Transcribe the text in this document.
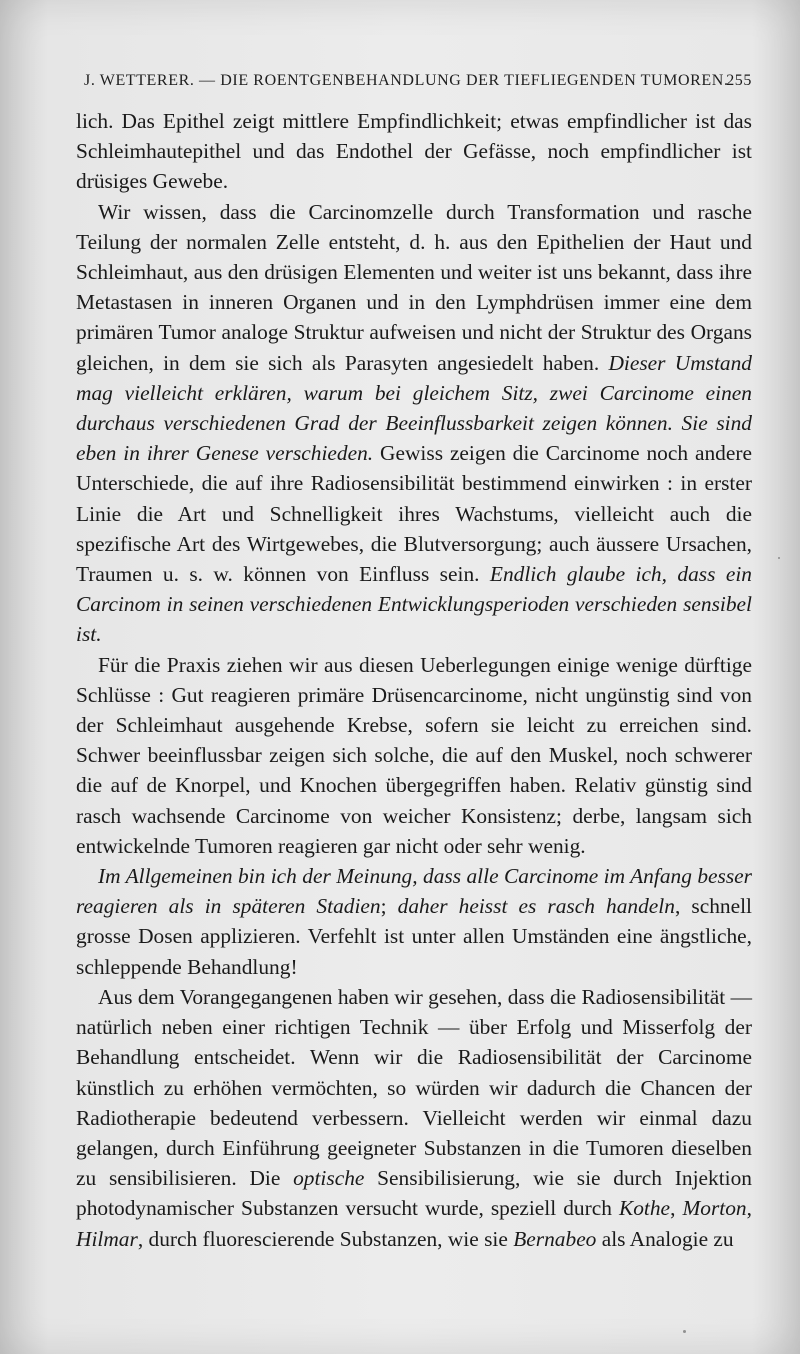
J. WETTERER. — DIE ROENTGENBEHANDLUNG DER TIEFLIEGENDEN TUMOREN.
255

lich. Das Epithel zeigt mittlere Empfindlichkeit; etwas empfindlicher ist das Schleimhautepithel und das Endothel der Gefässe, noch empfindlicher ist drüsiges Gewebe.

Wir wissen, dass die Carcinomzelle durch Transformation und rasche Teilung der normalen Zelle entsteht, d. h. aus den Epithelien der Haut und Schleimhaut, aus den drüsigen Elementen und weiter ist uns bekannt, dass ihre Metastasen in inneren Organen und in den Lymphdrüsen immer eine dem primären Tumor analoge Struktur aufweisen und nicht der Struktur des Organs gleichen, in dem sie sich als Parasyten angesiedelt haben. Dieser Umstand mag vielleicht erklären, warum bei gleichem Sitz, zwei Carcinome einen durchaus verschiedenen Grad der Beeinflussbarkeit zeigen können. Sie sind eben in ihrer Genese verschieden. Gewiss zeigen die Carcinome noch andere Unterschiede, die auf ihre Radiosensibilität bestimmend einwirken : in erster Linie die Art und Schnelligkeit ihres Wachstums, vielleicht auch die spezifische Art des Wirtgewebes, die Blutversorgung; auch äussere Ursachen, Traumen u. s. w. können von Einfluss sein. Endlich glaube ich, dass ein Carcinom in seinen verschiedenen Entwicklungsperioden verschieden sensibel ist.

Für die Praxis ziehen wir aus diesen Ueberlegungen einige wenige dürftige Schlüsse : Gut reagieren primäre Drüsencarcinome, nicht ungünstig sind von der Schleimhaut ausgehende Krebse, sofern sie leicht zu erreichen sind. Schwer beeinflussbar zeigen sich solche, die auf den Muskel, noch schwerer die auf de Knorpel, und Knochen übergegriffen haben. Relativ günstig sind rasch wachsende Carcinome von weicher Konsistenz; derbe, langsam sich entwickelnde Tumoren reagieren gar nicht oder sehr wenig.

Im Allgemeinen bin ich der Meinung, dass alle Carcinome im Anfang besser reagieren als in späteren Stadien; daher heisst es rasch handeln, schnell grosse Dosen applizieren. Verfehlt ist unter allen Umständen eine ängstliche, schleppende Behandlung!

Aus dem Vorangegangenen haben wir gesehen, dass die Radiosensibilität — natürlich neben einer richtigen Technik — über Erfolg und Misserfolg der Behandlung entscheidet. Wenn wir die Radiosensibilität der Carcinome künstlich zu erhöhen vermöchten, so würden wir dadurch die Chancen der Radiotherapie bedeutend verbessern. Vielleicht werden wir einmal dazu gelangen, durch Einführung geeigneter Substanzen in die Tumoren dieselben zu sensibilisieren. Die optische Sensibilisierung, wie sie durch Injektion photodynamischer Substanzen versucht wurde, speziell durch Kothe, Morton, Hilmar, durch fluorescierende Substanzen, wie sie Bernabeo als Analogie zu
